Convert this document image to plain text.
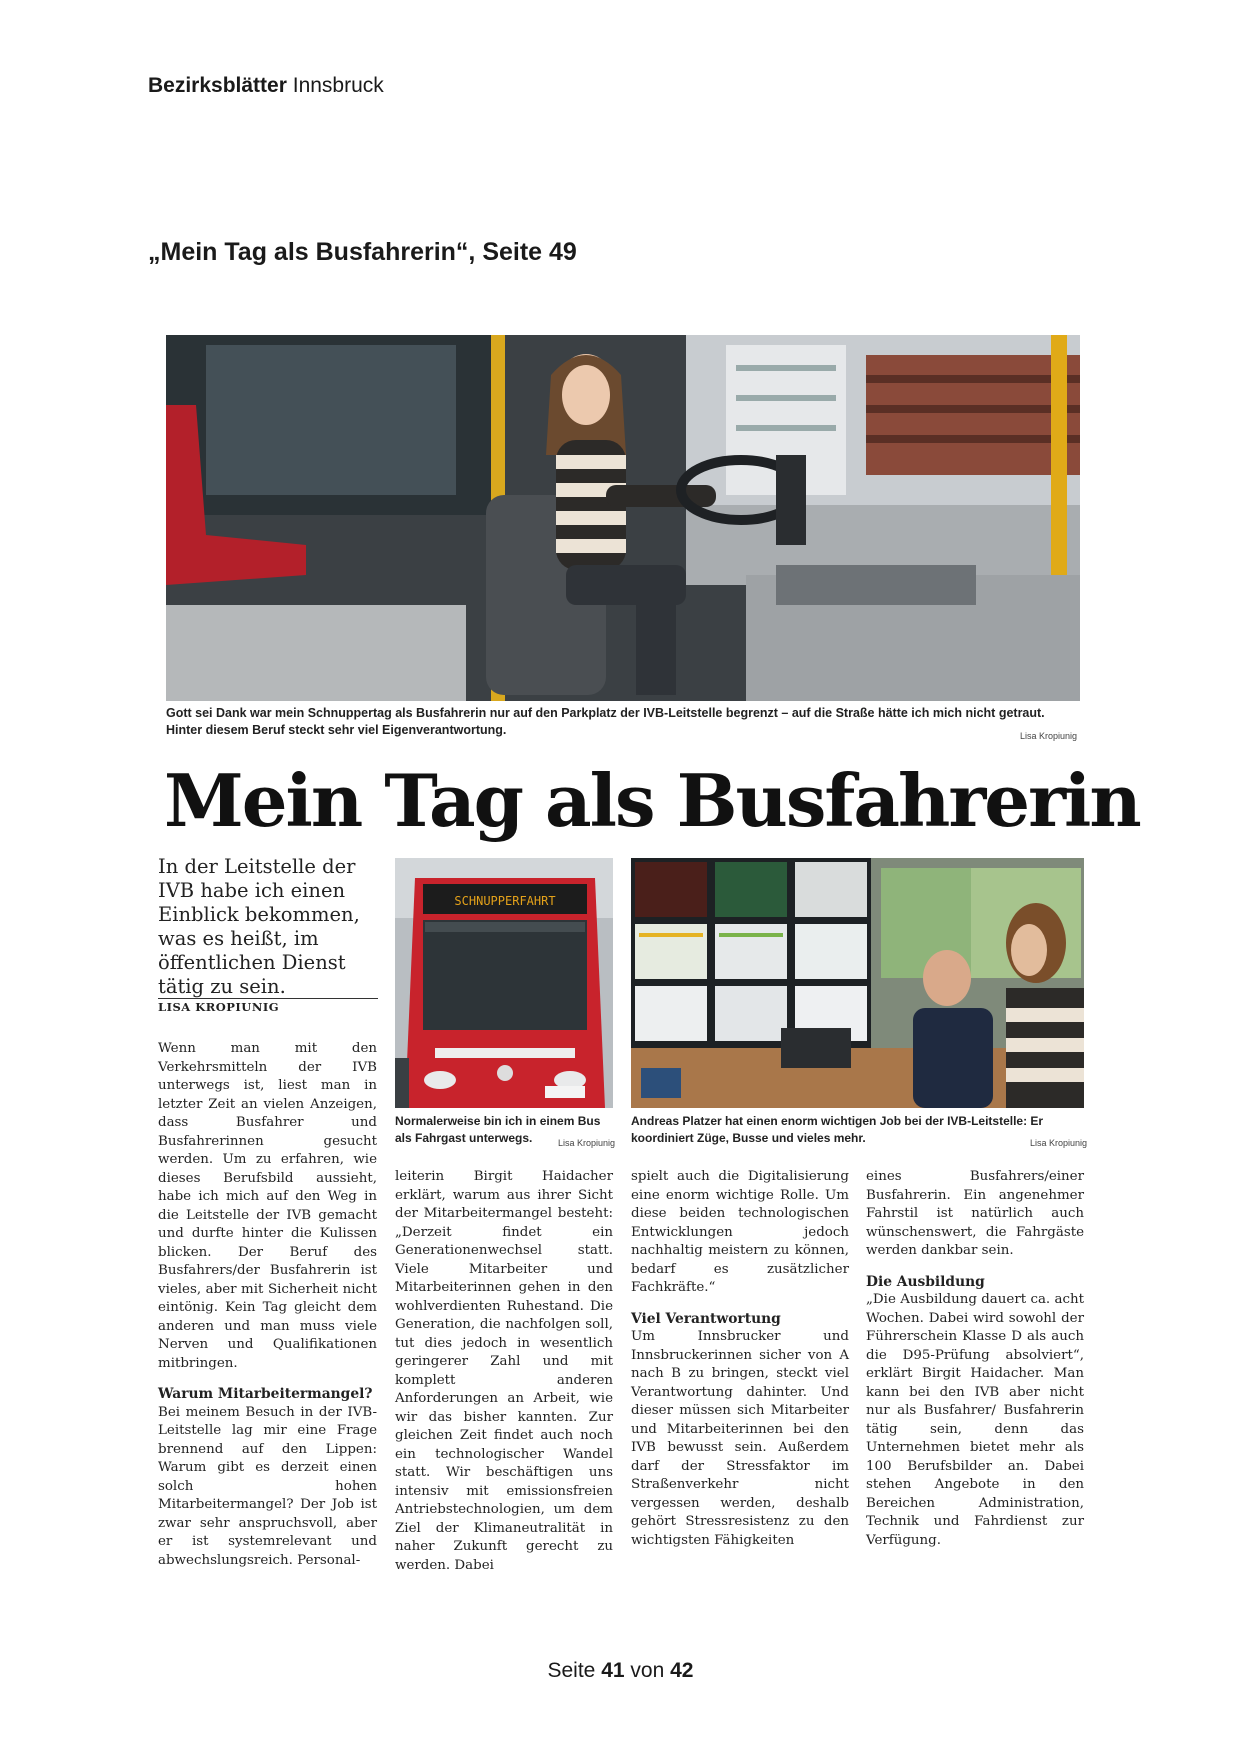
Bezirksblätter Innsbruck
„Mein Tag als Busfahrerin“, Seite 49
Gott sei Dank war mein Schnuppertag als Busfahrerin nur auf den Parkplatz der IVB-Leitstelle begrenzt – auf die Straße hätte ich mich nicht getraut.
Hinter diesem Beruf steckt sehr viel Eigenverantwortung.	Lisa Kropiunig
Mein Tag als Busfahrerin
In der Leitstelle der IVB habe ich einen Einblick bekommen, was es heißt, im öffentlichen Dienst tätig zu sein.
LISA KROPIUNIG
SCHNUPPERFAHRT
Normalerweise bin ich in einem Bus
als Fahrgast unterwegs.	Lisa Kropiunig
Andreas Platzer hat einen enorm wichtigen Job bei der IVB-Leitstelle: Er
koordiniert Züge, Busse und vieles mehr.	Lisa Kropiunig

Wenn man mit den Verkehrsmitteln der IVB unterwegs ist, liest man in letzter Zeit an vielen Anzeigen, dass Busfahrer und Busfahrerinnen gesucht werden. Um zu erfahren, wie dieses Berufsbild aussieht, habe ich mich auf den Weg in die Leitstelle der IVB gemacht und durfte hinter die Kulissen blicken. Der Beruf des Busfahrers/der Busfahrerin ist vieles, aber mit Sicherheit nicht eintönig. Kein Tag gleicht dem anderen und man muss viele Nerven und Qualifikationen mitbringen.

Warum Mitarbeitermangel?

Bei meinem Besuch in der IVB-Leitstelle lag mir eine Frage brennend auf den Lippen: Warum gibt es derzeit einen solch hohen Mitarbeitermangel? Der Job ist zwar sehr anspruchsvoll, aber er ist systemrelevant und abwechslungsreich. Personal-

leiterin Birgit Haidacher erklärt, warum aus ihrer Sicht der Mitarbeitermangel besteht: „Derzeit findet ein Generationenwechsel statt. Viele Mitarbeiter und Mitarbeiterinnen gehen in den wohlverdienten Ruhestand. Die Generation, die nachfolgen soll, tut dies jedoch in wesentlich geringerer Zahl und mit komplett anderen Anforderungen an Arbeit, wie wir das bisher kannten. Zur gleichen Zeit findet auch noch ein technologischer Wandel statt. Wir beschäftigen uns intensiv mit emissionsfreien Antriebstechnologien, um dem Ziel der Klimaneutralität in naher Zukunft gerecht zu werden. Dabei

spielt auch die Digitalisierung eine enorm wichtige Rolle. Um diese beiden technologischen Entwicklungen jedoch nachhaltig meistern zu können, bedarf es zusätzlicher Fachkräfte.“

Viel Verantwortung

Um Innsbrucker und Innsbruckerinnen sicher von A nach B zu bringen, steckt viel Verantwortung dahinter. Und dieser müssen sich Mitarbeiter und Mitarbeiterinnen bei den IVB bewusst sein. Außerdem darf der Stressfaktor im Straßenverkehr nicht vergessen werden, deshalb gehört Stressresistenz zu den wichtigsten Fähigkeiten

eines Busfahrers/einer Busfahrerin. Ein angenehmer Fahrstil ist natürlich auch wünschenswert, die Fahrgäste werden dankbar sein.

Die Ausbildung

„Die Ausbildung dauert ca. acht Wochen. Dabei wird sowohl der Führerschein Klasse D als auch die D95-Prüfung absolviert“, erklärt Birgit Haidacher. Man kann bei den IVB aber nicht nur als Busfahrer/ Busfahrerin tätig sein, denn das Unternehmen bietet mehr als 100 Berufsbilder an. Dabei stehen Angebote in den Bereichen Administration, Technik und Fahrdienst zur Verfügung.

Seite 41 von 42
